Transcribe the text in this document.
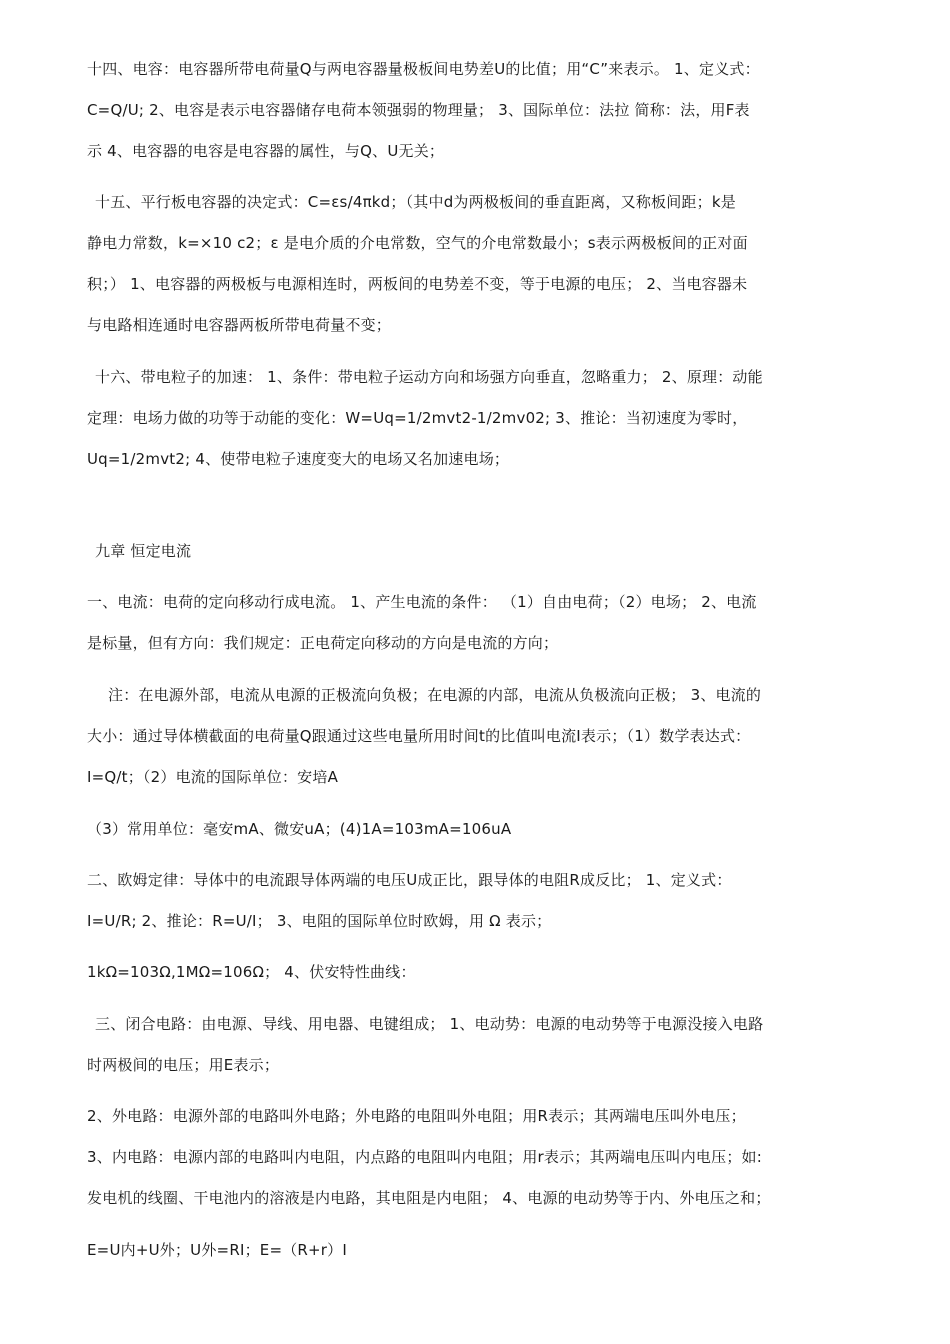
十四、电容：电容器所带电荷量Q与两电容器量极板间电势差U的比值；用“C”来表示。 1、定义式：
C=Q/U; 2、电容是表示电容器储存电荷本领强弱的物理量； 3、国际单位：法拉 简称：法，用F表
示 4、电容器的电容是电容器的属性，与Q、U无关；
十五、平行板电容器的决定式：C=εs/4πkd；（其中d为两极板间的垂直距离，又称板间距；k是
静电力常数，k=×10 c2；ε 是电介质的介电常数，空气的介电常数最小；s表示两极板间的正对面
积；） 1、电容器的两极板与电源相连时，两板间的电势差不变，等于电源的电压； 2、当电容器未
与电路相连通时电容器两板所带电荷量不变；
十六、带电粒子的加速： 1、条件：带电粒子运动方向和场强方向垂直，忽略重力； 2、原理：动能
定理：电场力做的功等于动能的变化：W=Uq=1/2mvt2-1/2mv02; 3、推论：当初速度为零时，
Uq=1/2mvt2; 4、使带电粒子速度变大的电场又名加速电场；
九章 恒定电流
一、电流：电荷的定向移动行成电流。 1、产生电流的条件： （1）自由电荷；（2）电场； 2、电流
是标量，但有方向：我们规定：正电荷定向移动的方向是电流的方向；
注：在电源外部，电流从电源的正极流向负极；在电源的内部，电流从负极流向正极； 3、电流的
大小：通过导体横截面的电荷量Q跟通过这些电量所用时间t的比值叫电流I表示；（1）数学表达式：
I=Q/t；（2）电流的国际单位：安培A
（3）常用单位：毫安mA、微安uA；(4)1A=103mA=106uA
二、欧姆定律：导体中的电流跟导体两端的电压U成正比，跟导体的电阻R成反比； 1、定义式：
I=U/R; 2、推论：R=U/I； 3、电阻的国际单位时欧姆，用 Ω 表示；
1kΩ=103Ω,1MΩ=106Ω； 4、伏安特性曲线：
三、闭合电路：由电源、导线、用电器、电键组成； 1、电动势：电源的电动势等于电源没接入电路
时两极间的电压；用E表示；
2、外电路：电源外部的电路叫外电路；外电路的电阻叫外电阻；用R表示；其两端电压叫外电压；
3、内电路：电源内部的电路叫内电阻，内点路的电阻叫内电阻；用r表示；其两端电压叫内电压；如:
发电机的线圈、干电池内的溶液是内电路，其电阻是内电阻； 4、电源的电动势等于内、外电压之和；
E=U内+U外；U外=RI；E=（R+r）I
